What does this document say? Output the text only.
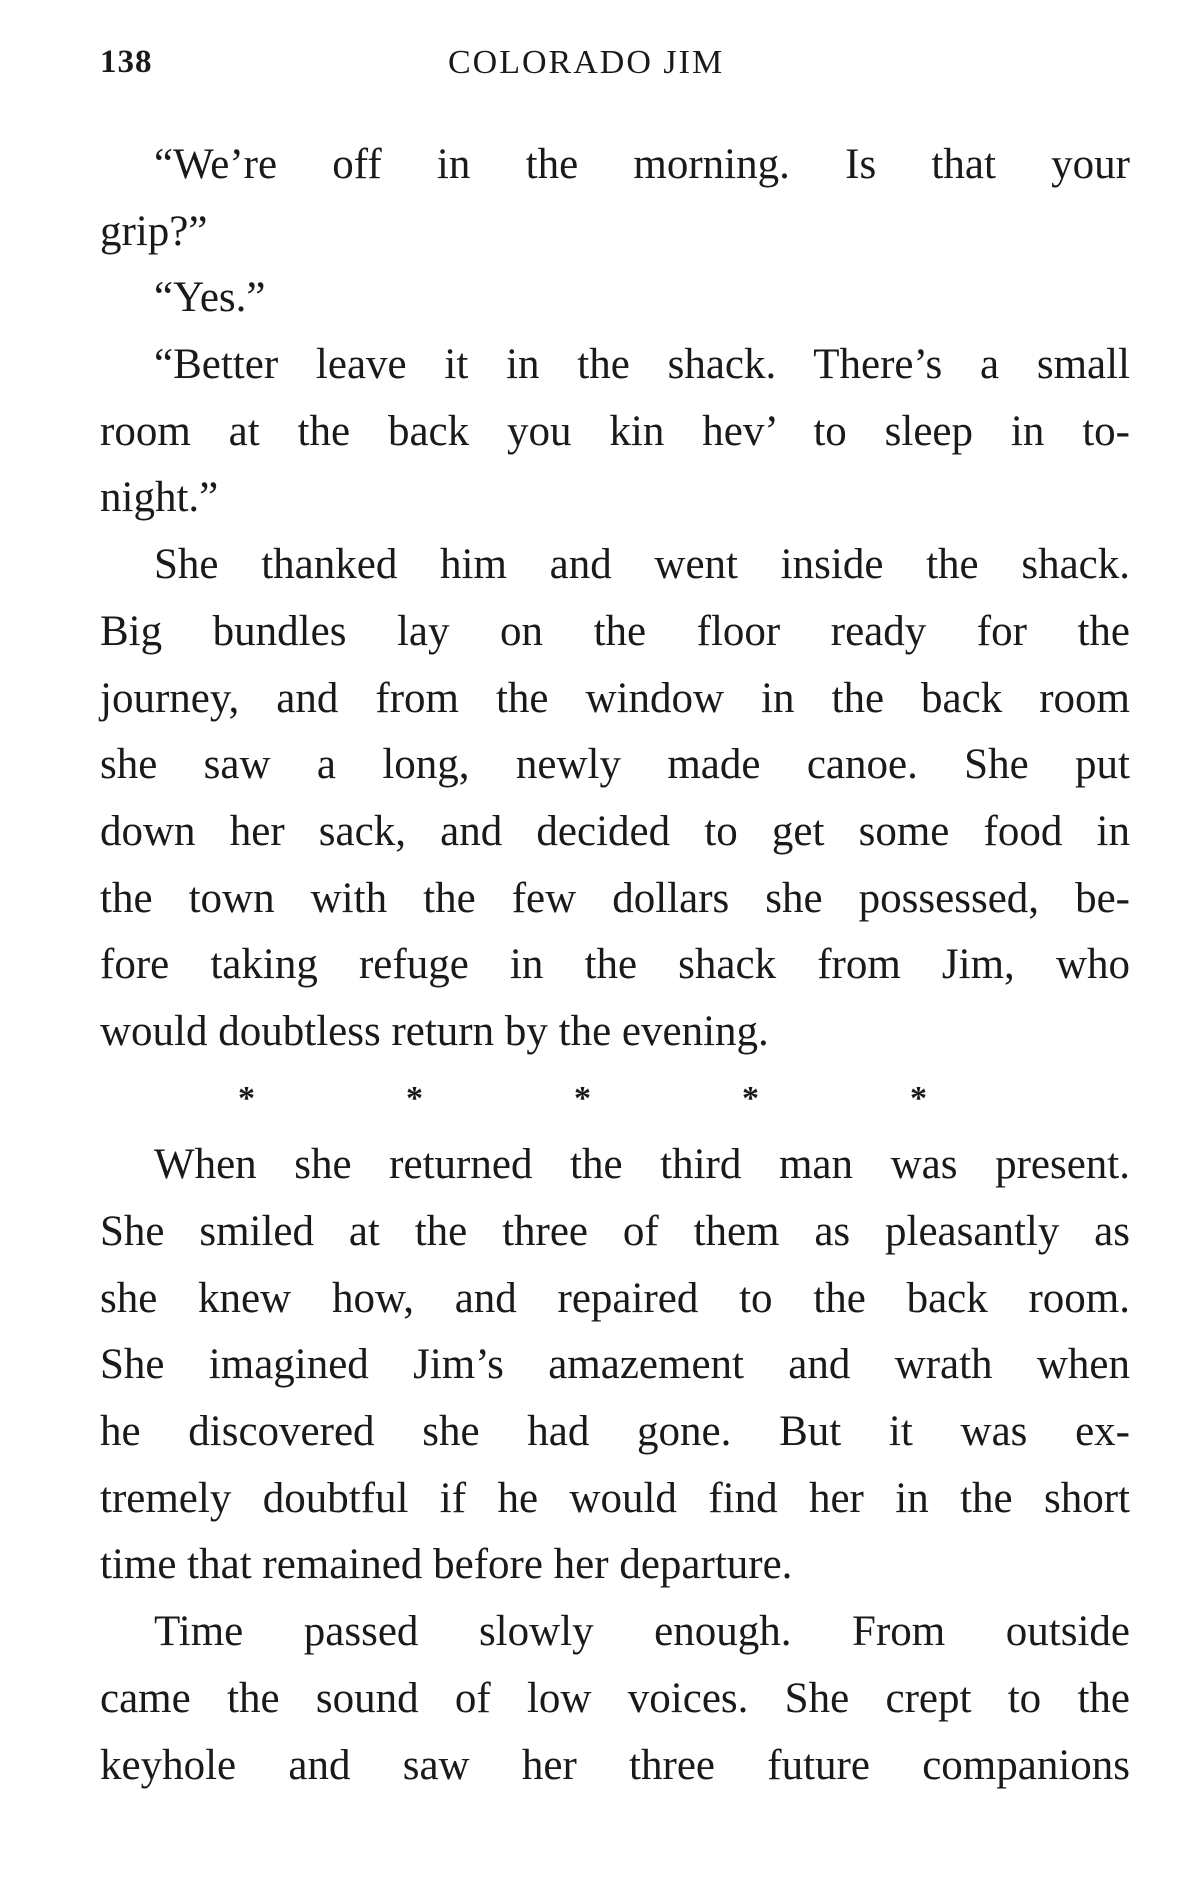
138	COLORADO JIM
“We’re off in the morning. Is that your
grip?”
“Yes.”
“Better leave it in the shack. There’s a small
room at the back you kin hev’ to sleep in to-
night.”
She thanked him and went inside the shack.
Big bundles lay on the floor ready for the
journey, and from the window in the back room
she saw a long, newly made canoe. She put
down her sack, and decided to get some food in
the town with the few dollars she possessed, be-
fore taking refuge in the shack from Jim, who
would doubtless return by the evening.
*	*	*	*	*
When she returned the third man was present.
She smiled at the three of them as pleasantly as
she knew how, and repaired to the back room.
She imagined Jim’s amazement and wrath when
he discovered she had gone. But it was ex-
tremely doubtful if he would find her in the short
time that remained before her departure.
Time passed slowly enough. From outside
came the sound of low voices. She crept to the
keyhole and saw her three future companions
